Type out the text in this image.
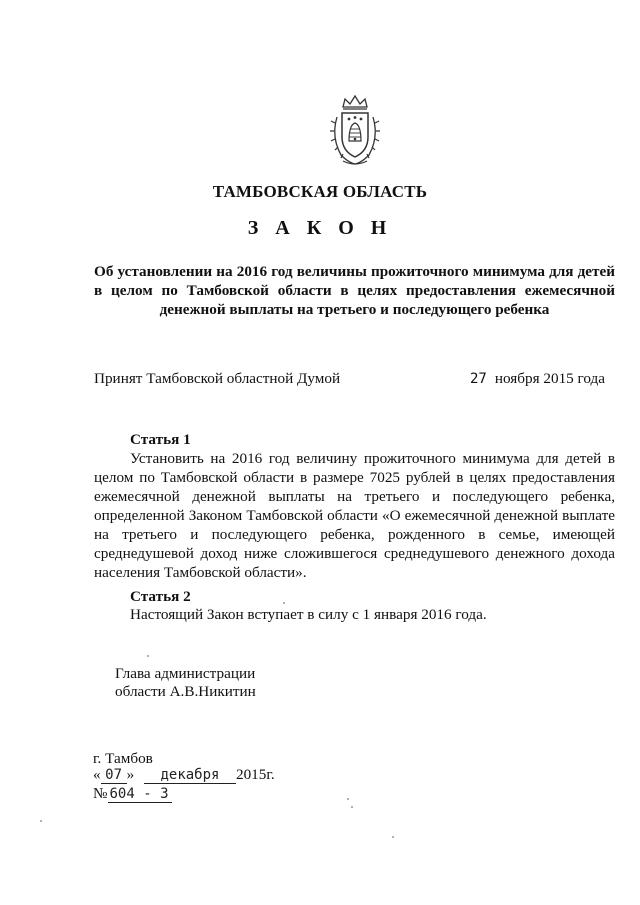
ТАМБОВСКАЯ ОБЛАСТЬ
З А К О Н
Об установлении на 2016 год величины прожиточного минимума для детей в целом по Тамбовской области в целях предоставления ежемесячной денежной выплаты на третьего и последующего ребенка
Принят Тамбовской областной Думой	27 ноября 2015 года
Статья 1
Установить на 2016 год величину прожиточного минимума для детей в целом по Тамбовской области в размере 7025 рублей в целях предоставления ежемесячной денежной выплаты на третьего и последующего ребенка, определенной Законом Тамбовской области «О ежемесячной денежной выплате на третьего и последующего ребенка, рожденного в семье, имеющей среднедушевой доход ниже сложившегося среднедушевого денежного дохода населения Тамбовской области».
Статья 2
Настоящий Закон вступает в силу с 1 января 2016 года.
Глава администрации
области А.В.Никитин
г. Тамбов
« 07 » декабря 2015г.
№ 604 - 3
